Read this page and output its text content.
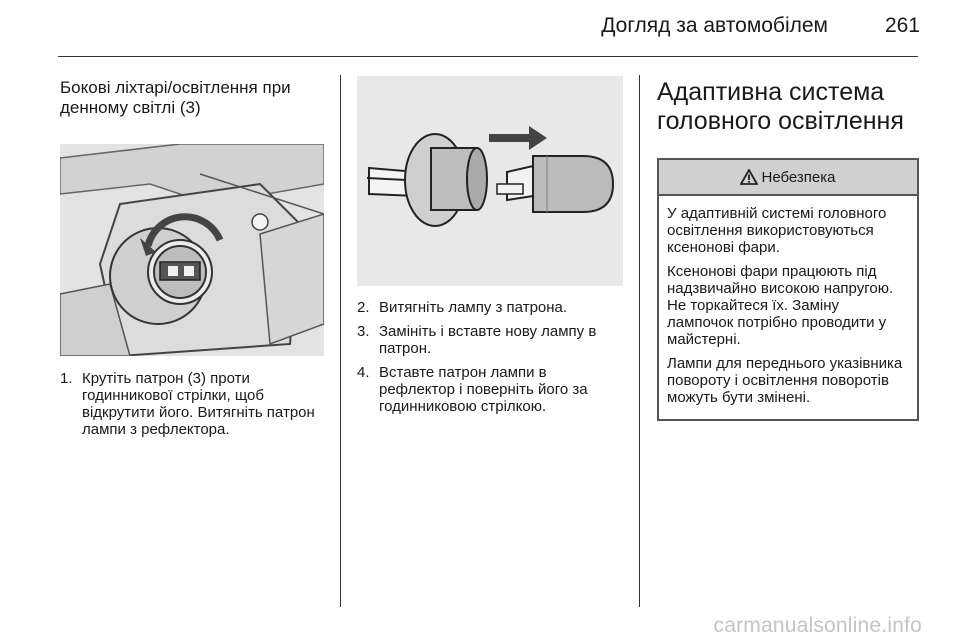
Догляд за автомобілем	261
Бокові ліхтарі/освітлення при денному світлі (3)
1. Крутіть патрон (3) проти годинникової стрілки, щоб відкрутити його. Витягніть патрон лампи з рефлектора.
2. Витягніть лампу з патрона.
3. Замініть і вставте нову лампу в патрон.
4. Вставте патрон лампи в рефлектор і поверніть його за годинниковою стрілкою.
Адаптивна система головного освітлення
Небезпека

У адаптивній системі головного освітлення використовуються ксенонові фари.

Ксенонові фари працюють під надзвичайно високою напругою. Не торкайтеся їх. Заміну лампочок потрібно проводити у майстерні.

Лампи для переднього указівника повороту і освітлення поворотів можуть бути змінені.

carmanualsonline.info
